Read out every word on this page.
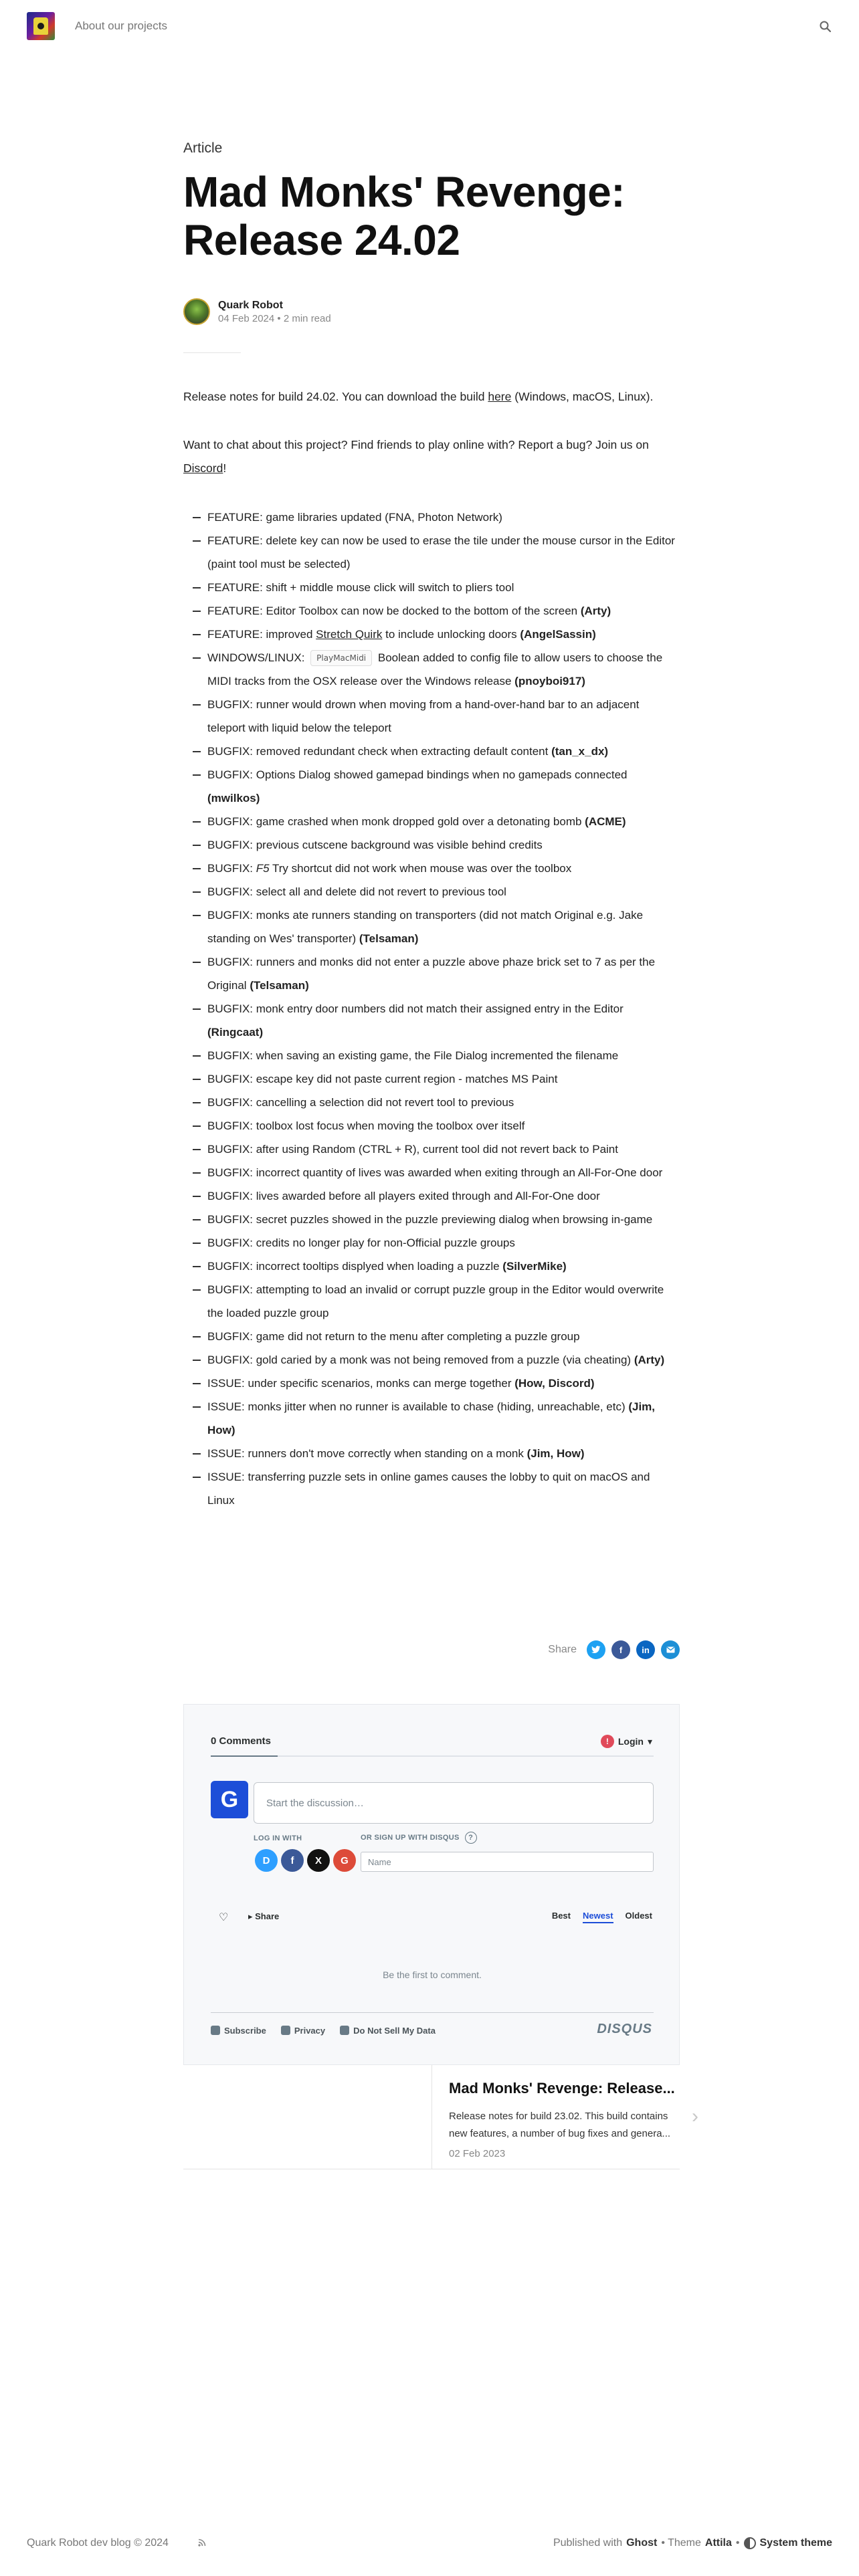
About our projects
Article
Mad Monks' Revenge: Release 24.02
Quark Robot
04 Feb 2024 • 2 min read

Release notes for build 24.02. You can download the build here (Windows, macOS, Linux).

Want to chat about this project? Find friends to play online with? Report a bug? Join us on Discord!

FEATURE: game libraries updated (FNA, Photon Network)
FEATURE: delete key can now be used to erase the tile under the mouse cursor in the Editor (paint tool must be selected)
FEATURE: shift + middle mouse click will switch to pliers tool
FEATURE: Editor Toolbox can now be docked to the bottom of the screen (Arty)
FEATURE: improved Stretch Quirk to include unlocking doors (AngelSassin)
WINDOWS/LINUX: PlayMacMidi Boolean added to config file to allow users to choose the MIDI tracks from the OSX release over the Windows release (pnoyboi917)
BUGFIX: runner would drown when moving from a hand-over-hand bar to an adjacent teleport with liquid below the teleport
BUGFIX: removed redundant check when extracting default content (tan_x_dx)
BUGFIX: Options Dialog showed gamepad bindings when no gamepads connected (mwilkos)
BUGFIX: game crashed when monk dropped gold over a detonating bomb (ACME)
BUGFIX: previous cutscene background was visible behind credits
BUGFIX: F5 Try shortcut did not work when mouse was over the toolbox
BUGFIX: select all and delete did not revert to previous tool
BUGFIX: monks ate runners standing on transporters (did not match Original e.g. Jake standing on Wes' transporter) (Telsaman)
BUGFIX: runners and monks did not enter a puzzle above phaze brick set to 7 as per the Original (Telsaman)
BUGFIX: monk entry door numbers did not match their assigned entry in the Editor (Ringcaat)
BUGFIX: when saving an existing game, the File Dialog incremented the filename
BUGFIX: escape key did not paste current region - matches MS Paint
BUGFIX: cancelling a selection did not revert tool to previous
BUGFIX: toolbox lost focus when moving the toolbox over itself
BUGFIX: after using Random (CTRL + R), current tool did not revert back to Paint
BUGFIX: incorrect quantity of lives was awarded when exiting through an All-For-One door
BUGFIX: lives awarded before all players exited through and All-For-One door
BUGFIX: secret puzzles showed in the puzzle previewing dialog when browsing in-game
BUGFIX: credits no longer play for non-Official puzzle groups
BUGFIX: incorrect tooltips displyed when loading a puzzle (SilverMike)
BUGFIX: attempting to load an invalid or corrupt puzzle group in the Editor would overwrite the loaded puzzle group
BUGFIX: game did not return to the menu after completing a puzzle group
BUGFIX: gold caried by a monk was not being removed from a puzzle (via cheating) (Arty)
ISSUE: under specific scenarios, monks can merge together (How, Discord)
ISSUE: monks jitter when no runner is available to chase (hiding, unreachable, etc) (Jim, How)
ISSUE: runners don't move correctly when standing on a monk (Jim, How)
ISSUE: transferring puzzle sets in online games causes the lobby to quit on macOS and Linux
Share	f	in
0 Comments	!	Login ▾
G	Start the discussion…
LOG IN WITH	OR SIGN UP WITH DISQUS	?
D	f	X	G	Name
♡ ▸ Share	Best Newest Oldest
Be the first to comment.
Subscribe	Privacy	Do Not Sell My Data	DISQUS
Mad Monks' Revenge: Release...
Release notes for build 23.02. This build contains new features, a number of bug fixes and genera...
02 Feb 2023
›
Quark Robot dev blog © 2024	Published with Ghost • Theme Attila • System theme
